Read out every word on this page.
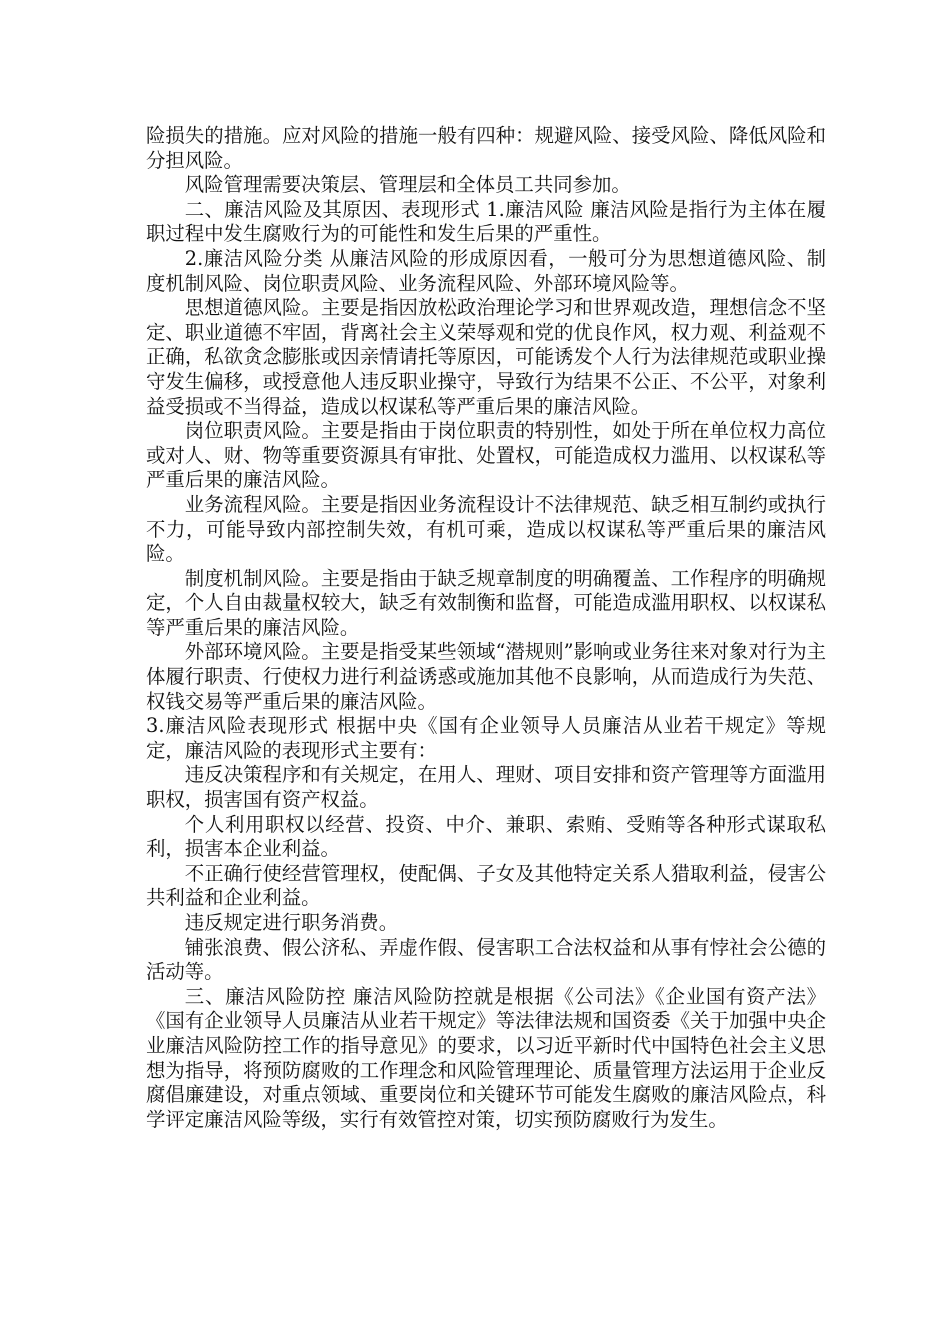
险损失的措施。应对风险的措施一般有四种：规避风险、接受风险、降低风险和分担风险。

风险管理需要决策层、管理层和全体员工共同参加。

二、廉洁风险及其原因、表现形式 1.廉洁风险 廉洁风险是指行为主体在履职过程中发生腐败行为的可能性和发生后果的严重性。

2.廉洁风险分类 从廉洁风险的形成原因看，一般可分为思想道德风险、制度机制风险、岗位职责风险、业务流程风险、外部环境风险等。

思想道德风险。主要是指因放松政治理论学习和世界观改造，理想信念不坚定、职业道德不牢固，背离社会主义荣辱观和党的优良作风，权力观、利益观不正确，私欲贪念膨胀或因亲情请托等原因，可能诱发个人行为法律规范或职业操守发生偏移，或授意他人违反职业操守，导致行为结果不公正、不公平，对象利益受损或不当得益，造成以权谋私等严重后果的廉洁风险。

岗位职责风险。主要是指由于岗位职责的特别性，如处于所在单位权力高位或对人、财、物等重要资源具有审批、处置权，可能造成权力滥用、以权谋私等严重后果的廉洁风险。

业务流程风险。主要是指因业务流程设计不法律规范、缺乏相互制约或执行不力，可能导致内部控制失效，有机可乘，造成以权谋私等严重后果的廉洁风险。

制度机制风险。主要是指由于缺乏规章制度的明确覆盖、工作程序的明确规定，个人自由裁量权较大，缺乏有效制衡和监督，可能造成滥用职权、以权谋私等严重后果的廉洁风险。

外部环境风险。主要是指受某些领域“潜规则”影响或业务往来对象对行为主体履行职责、行使权力进行利益诱惑或施加其他不良影响，从而造成行为失范、 权钱交易等严重后果的廉洁风险。

3.廉洁风险表现形式 根据中央《国有企业领导人员廉洁从业若干规定》等规定，廉洁风险的表现形式主要有：

违反决策程序和有关规定，在用人、理财、项目安排和资产管理等方面滥用职权，损害国有资产权益。

个人利用职权以经营、投资、中介、兼职、索贿、受贿等各种形式谋取私利，损害本企业利益。

不正确行使经营管理权，使配偶、子女及其他特定关系人猎取利益，侵害公共利益和企业利益。

违反规定进行职务消费。

铺张浪费、假公济私、弄虚作假、侵害职工合法权益和从事有悖社会公德的活动等。

三、廉洁风险防控 廉洁风险防控就是根据《公司法》《企业国有资产法》《国有企业领导人员廉洁从业若干规定》等法律法规和国资委《关于加强中央企业廉洁风险防控工作的指导意见》的要求，以习近平新时代中国特色社会主义思想为指导，将预防腐败的工作理念和风险管理理论、质量管理方法运用于企业反腐倡廉建设，对重点领域、重要岗位和关键环节可能发生腐败的廉洁风险点，科学评定廉洁风险等级，实行有效管控对策，切实预防腐败行为发生。
